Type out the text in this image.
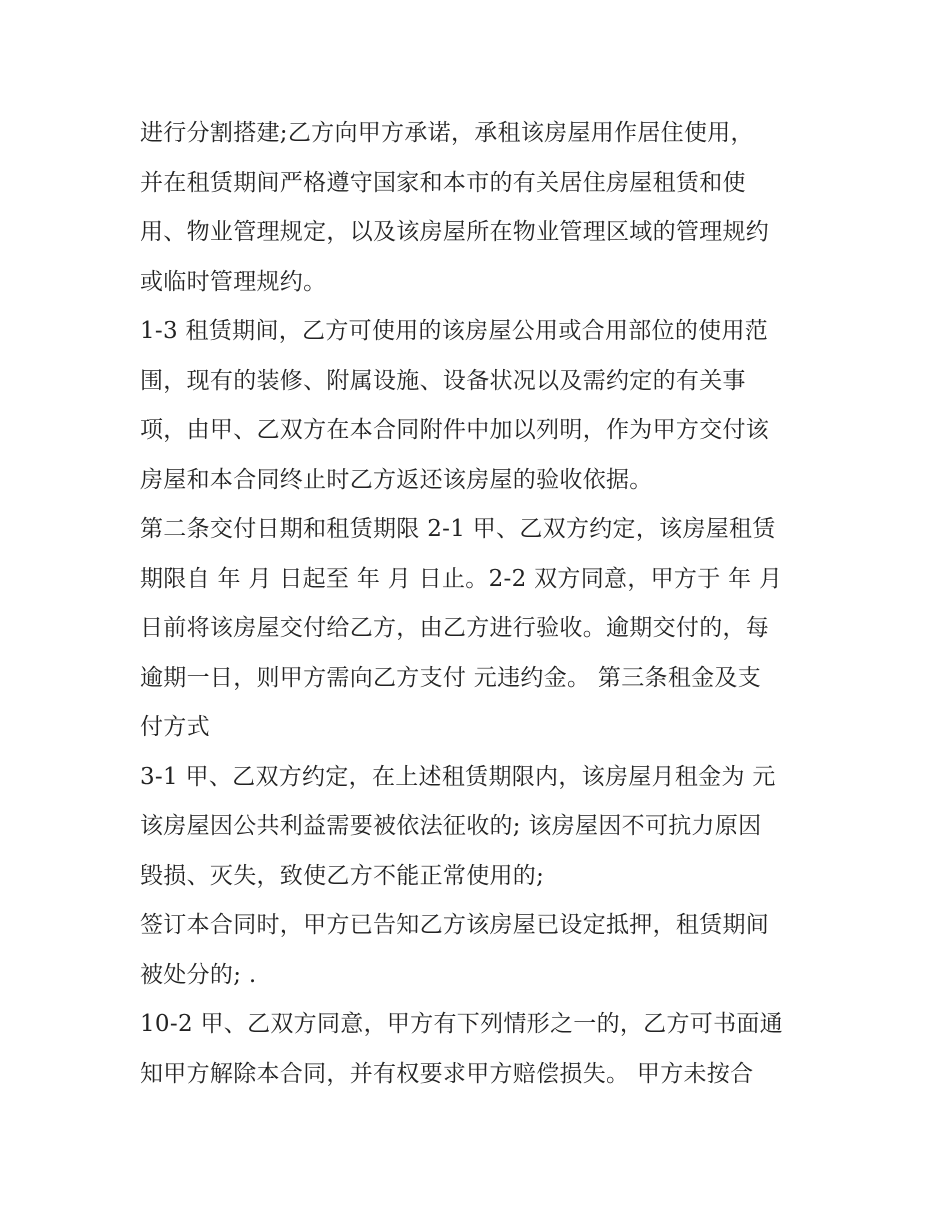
进行分割搭建;乙方向甲方承诺，承租该房屋用作居住使用，
并在租赁期间严格遵守国家和本市的有关居住房屋租赁和使
用、物业管理规定，以及该房屋所在物业管理区域的管理规约
或临时管理规约。
1-3 租赁期间，乙方可使用的该房屋公用或合用部位的使用范
围，现有的装修、附属设施、设备状况以及需约定的有关事
项，由甲、乙双方在本合同附件中加以列明，作为甲方交付该
房屋和本合同终止时乙方返还该房屋的验收依据。
第二条交付日期和租赁期限 2-1 甲、乙双方约定，该房屋租赁
期限自 年 月 日起至 年 月 日止。2-2 双方同意，甲方于 年 月
日前将该房屋交付给乙方，由乙方进行验收。逾期交付的，每
逾期一日，则甲方需向乙方支付 元违约金。 第三条租金及支
付方式
3-1 甲、乙双方约定，在上述租赁期限内，该房屋月租金为 元
该房屋因公共利益需要被依法征收的; 该房屋因不可抗力原因
毁损、灭失，致使乙方不能正常使用的;
签订本合同时，甲方已告知乙方该房屋已设定抵押，租赁期间
被处分的; .
10-2 甲、乙双方同意，甲方有下列情形之一的，乙方可书面通
知甲方解除本合同，并有权要求甲方赔偿损失。 甲方未按合
